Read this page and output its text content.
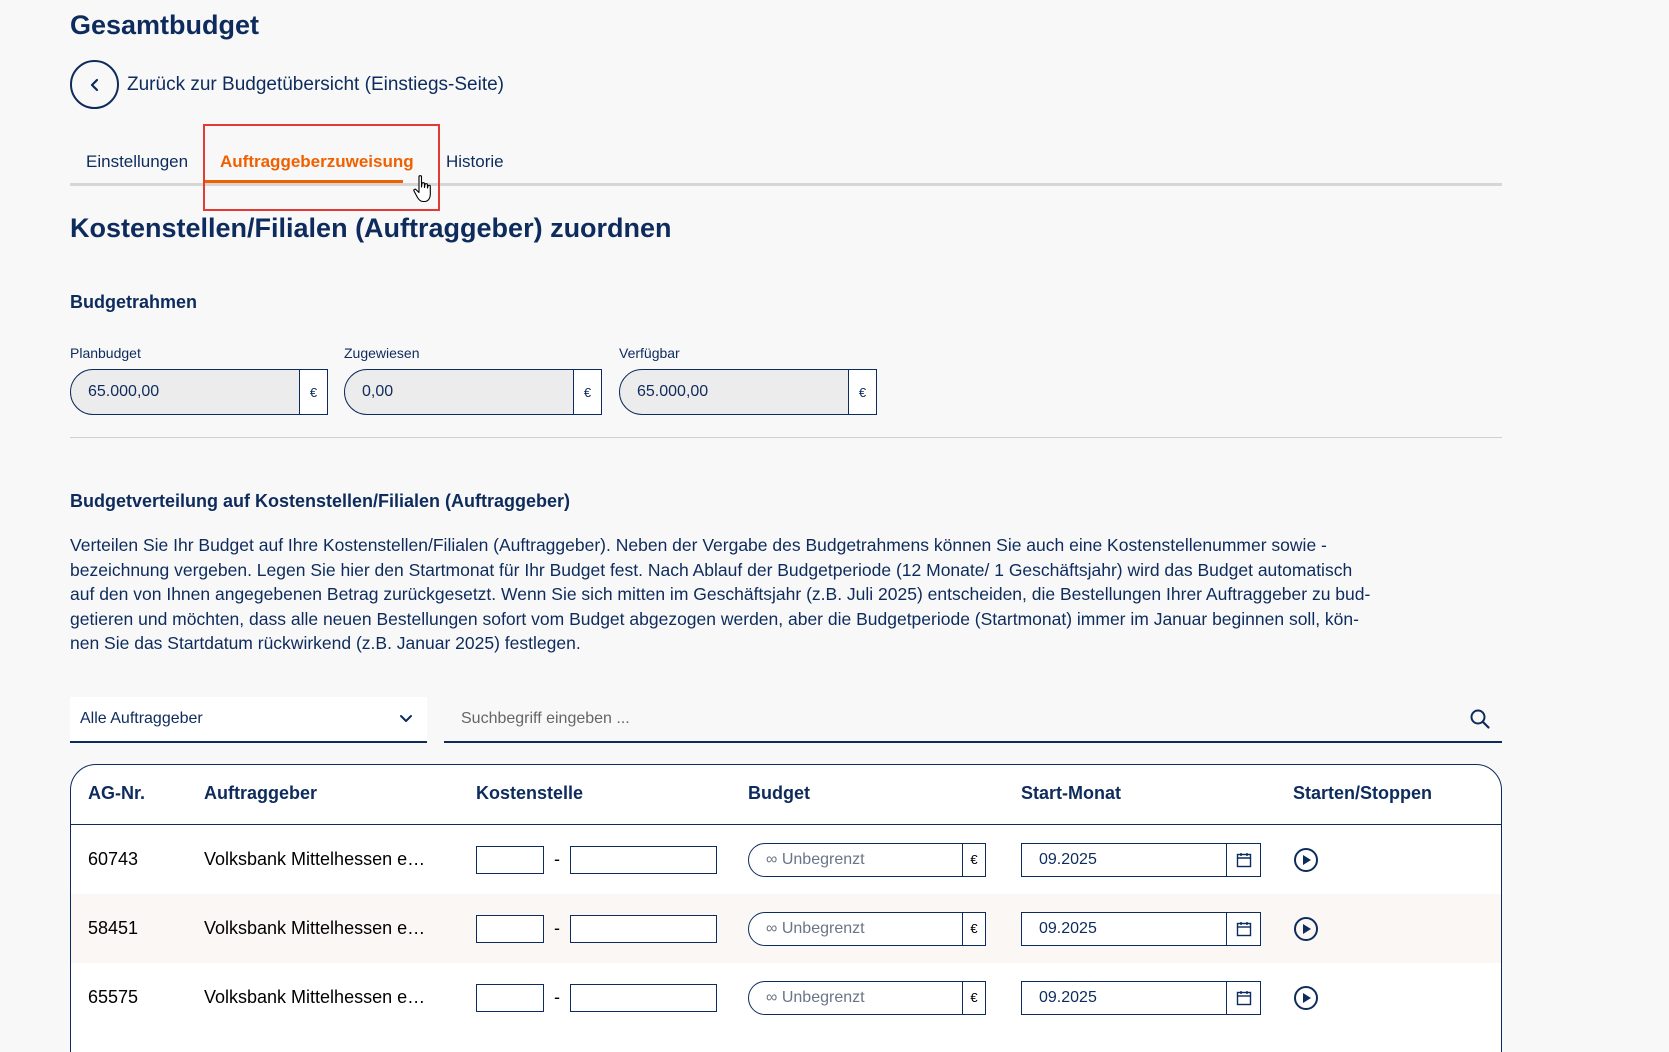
Gesamtbudget
Zurück zur Budgetübersicht (Einstiegs-Seite)
Einstellungen Auftraggeberzuweisung Historie
Kostenstellen/Filialen (Auftraggeber) zuordnen
Budgetrahmen
Planbudget
65.000,00	€
Zugewiesen
0,00	€
Verfügbar
65.000,00	€
Budgetverteilung auf Kostenstellen/Filialen (Auftraggeber)
Verteilen Sie Ihr Budget auf Ihre Kostenstellen/Filialen (Auftraggeber). Neben der Vergabe des Budgetrahmens können Sie auch eine Kostenstellenummer sowie -
bezeichnung vergeben. Legen Sie hier den Startmonat für Ihr Budget fest. Nach Ablauf der Budgetperiode (12 Monate/ 1 Geschäftsjahr) wird das Budget automatisch
auf den von Ihnen angegebenen Betrag zurückgesetzt. Wenn Sie sich mitten im Geschäftsjahr (z.B. Juli 2025) entscheiden, die Bestellungen Ihrer Auftraggeber zu bud-
getieren und möchten, dass alle neuen Bestellungen sofort vom Budget abgezogen werden, aber die Budgetperiode (Startmonat) immer im Januar beginnen soll, kön-
nen Sie das Startdatum rückwirkend (z.B. Januar 2025) festlegen.
Alle Auftraggeber
Suchbegriff eingeben ...
AG-Nr.	Auftraggeber	Kostenstelle	Budget	Start-Monat	Starten/Stoppen
60743	Volksbank Mittelhessen e…	-	∞ Unbegrenzt	€	09.2025
58451	Volksbank Mittelhessen e…	-	∞ Unbegrenzt	€	09.2025
65575	Volksbank Mittelhessen e…	-	∞ Unbegrenzt	€	09.2025
